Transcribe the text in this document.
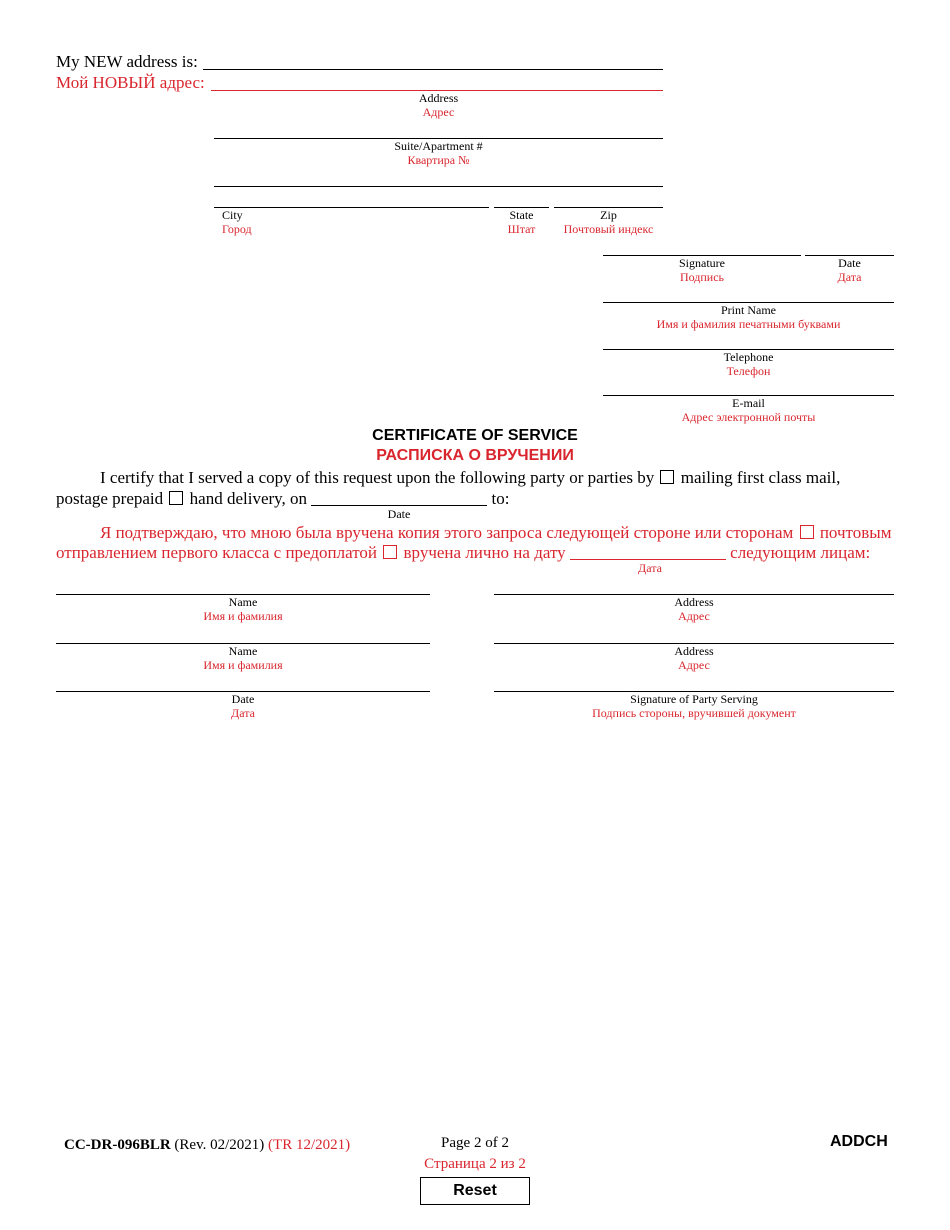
My NEW address is:
Мой НОВЫЙ адрес:
Address
Адрес
Suite/Apartment #
Квартира №
City
Город
State
Штат
Zip
Почтовый индекс
Signature
Подпись
Date
Дата
Print Name
Имя и фамилия печатными буквами
Telephone
Телефон
E-mail
Адрес электронной почты
CERTIFICATE OF SERVICE
РАСПИСКА О ВРУЧЕНИИ
I certify that I served a copy of this request upon the following party or parties by mailing first class mail,
postage prepaid hand delivery, on	to:
Date
Я подтверждаю, что мною была вручена копия этого запроса следующей стороне или сторонам почтовым
отправлением первого класса с предоплатой вручена лично на дату	следующим лицам:
Дата
Name
Имя и фамилия
Address
Адрес
Name
Имя и фамилия
Address
Адрес
Date
Дата
Signature of Party Serving
Подпись стороны, вручившей документ
CC-DR-096BLR (Rev. 02/2021) (TR 12/2021)	Page 2 of 2
Страница 2 из 2
ADDCH
Reset
